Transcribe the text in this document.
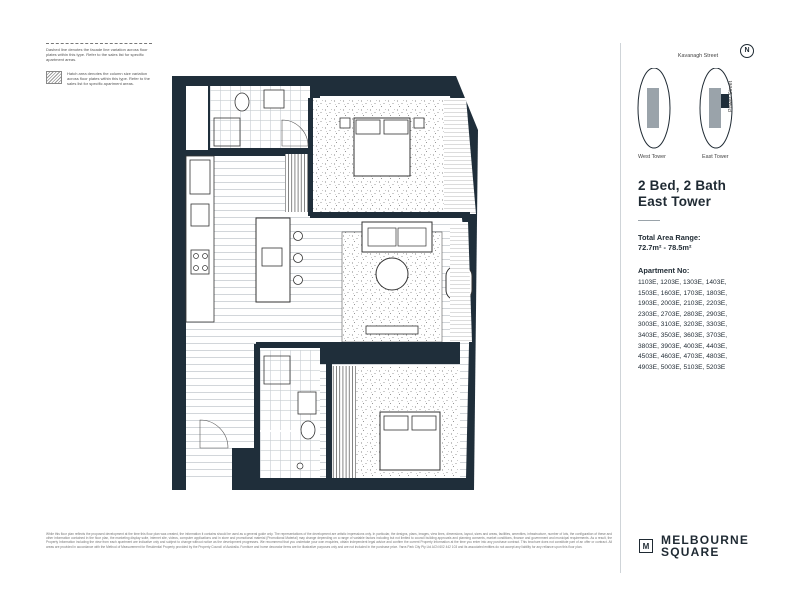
Dashed line denotes the facade line variation across floor plates within this type. Refer to the sales list for specific apartment areas.
Hatch area denotes the column size variation across floor plates within this type. Refer to the sales list for specific apartment areas.
Kavanagh Street
N
Power Street
West Tower	East Tower
2 Bed, 2 Bath
East Tower
Total Area Range:
72.7m² - 78.5m²
Apartment No:
1103E, 1203E, 1303E, 1403E,
1503E, 1603E, 1703E, 1803E,
1903E, 2003E, 2103E, 2203E,
2303E, 2703E, 2803E, 2903E,
3003E, 3103E, 3203E, 3303E,
3403E, 3503E, 3603E, 3703E,
3803E, 3903E, 4003E, 4403E,
4503E, 4603E, 4703E, 4803E,
4903E, 5003E, 5103E, 5203E
While this floor plan reflects the proposed development at the time this floor plan was created, the information it contains should be used as a general guide only. The representations of the development are artistic impressions only. In particular, the designs, plans, images, view lines, dimensions, layout, sizes and areas, facilities, amenities, infrastructure, number of lots, the configuration of these and other information contained in the floor plan, the marketing display suite, internet site, videos, computer applications and in store and promotional material (Promotional Material) may change depending on a range of variable factors including but not limited to council building approvals and planning consents, market conditions, finance and government and municipal requirements. As a result, the Property Information including the view from each apartment are indicative only and subject to change without notice as the development progresses. We recommend that you undertake your own enquiries, obtain independent legal advice and confirm the current Property Information at the time you enter into any purchase contract. This brochure does not constitute part of an offer or contract. All areas are provided in accordance with the Method of Measurement for Residential Property provided by the Property Council of Australia. Furniture and home decorator items are for illustrative purposes only and are not included in the purchase price. Yarra Park City Pty Ltd ACN 602 442 103 and its associated entities do not accept any liability for any reliance upon this floor plan.	M MELBOURNE
SQUARE
